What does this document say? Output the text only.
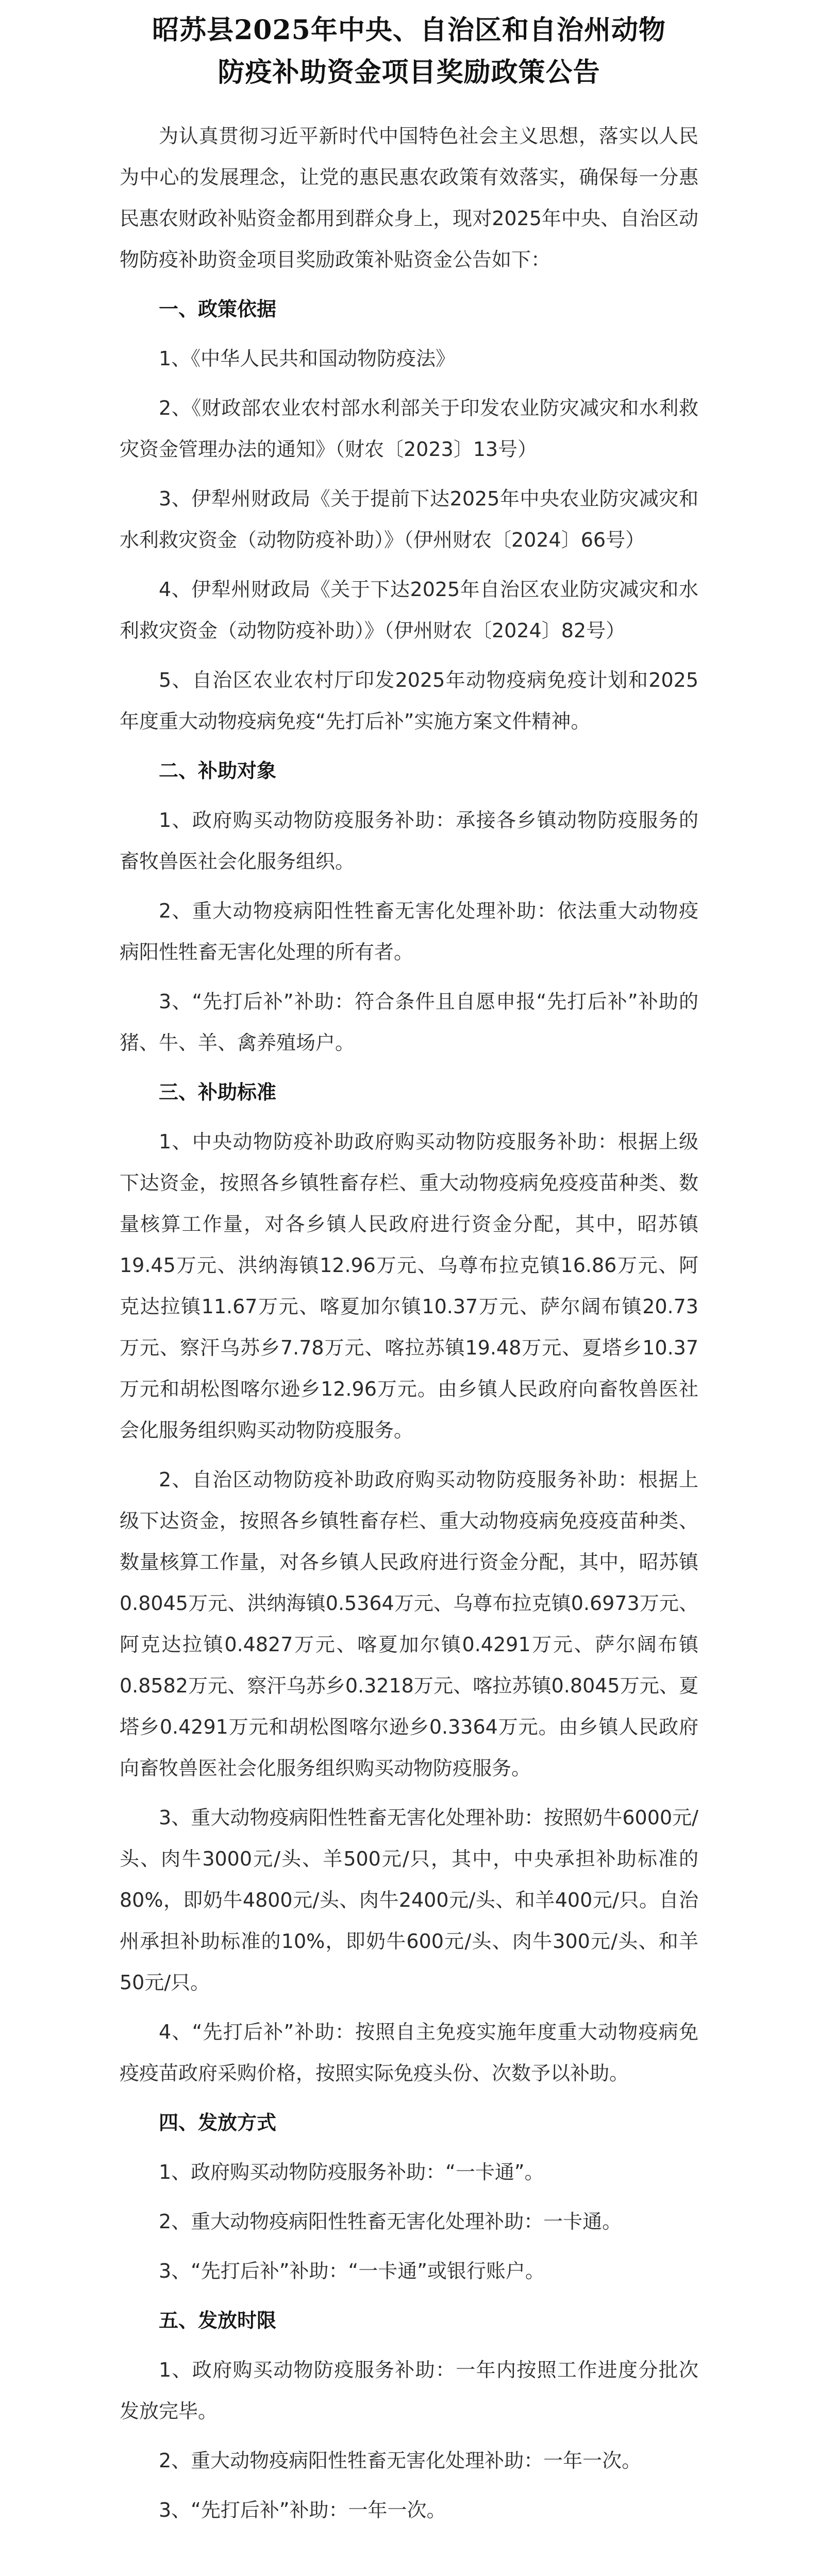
昭苏县2025年中央、自治区和自治州动物
防疫补助资金项目奖励政策公告

为认真贯彻习近平新时代中国特色社会主义思想，落实以人民为中心的发展理念，让党的惠民惠农政策有效落实，确保每一分惠民惠农财政补贴资金都用到群众身上，现对2025年中央、自治区动物防疫补助资金项目奖励政策补贴资金公告如下：

一、政策依据

1、《中华人民共和国动物防疫法》

2、《财政部农业农村部水利部关于印发农业防灾减灾和水利救灾资金管理办法的通知》（财农〔2023〕13号）

3、伊犁州财政局《关于提前下达2025年中央农业防灾减灾和水利救灾资金（动物防疫补助）》（伊州财农〔2024〕66号）

4、伊犁州财政局《关于下达2025年自治区农业防灾减灾和水利救灾资金（动物防疫补助）》（伊州财农〔2024〕82号）

5、自治区农业农村厅印发2025年动物疫病免疫计划和2025年度重大动物疫病免疫“先打后补”实施方案文件精神。

二、补助对象

1、政府购买动物防疫服务补助：承接各乡镇动物防疫服务的畜牧兽医社会化服务组织。

2、重大动物疫病阳性牲畜无害化处理补助：依法重大动物疫病阳性牲畜无害化处理的所有者。

3、“先打后补”补助：符合条件且自愿申报“先打后补”补助的猪、牛、羊、禽养殖场户。

三、补助标准

1、中央动物防疫补助政府购买动物防疫服务补助：根据上级下达资金，按照各乡镇牲畜存栏、重大动物疫病免疫疫苗种类、数量核算工作量，对各乡镇人民政府进行资金分配，其中，昭苏镇19.45万元、洪纳海镇12.96万元、乌尊布拉克镇16.86万元、阿克达拉镇11.67万元、喀夏加尔镇10.37万元、萨尔阔布镇20.73万元、察汗乌苏乡7.78万元、喀拉苏镇19.48万元、夏塔乡10.37万元和胡松图喀尔逊乡12.96万元。由乡镇人民政府向畜牧兽医社会化服务组织购买动物防疫服务。

2、自治区动物防疫补助政府购买动物防疫服务补助：根据上级下达资金，按照各乡镇牲畜存栏、重大动物疫病免疫疫苗种类、数量核算工作量，对各乡镇人民政府进行资金分配，其中，昭苏镇0.8045万元、洪纳海镇0.5364万元、乌尊布拉克镇0.6973万元、阿克达拉镇0.4827万元、喀夏加尔镇0.4291万元、萨尔阔布镇0.8582万元、察汗乌苏乡0.3218万元、喀拉苏镇0.8045万元、夏塔乡0.4291万元和胡松图喀尔逊乡0.3364万元。由乡镇人民政府向畜牧兽医社会化服务组织购买动物防疫服务。

3、重大动物疫病阳性牲畜无害化处理补助：按照奶牛6000元/头、肉牛3000元/头、羊500元/只，其中，中央承担补助标准的80%，即奶牛4800元/头、肉牛2400元/头、和羊400元/只。自治州承担补助标准的10%，即奶牛600元/头、肉牛300元/头、和羊50元/只。

4、“先打后补”补助：按照自主免疫实施年度重大动物疫病免疫疫苗政府采购价格，按照实际免疫头份、次数予以补助。

四、发放方式

1、政府购买动物防疫服务补助：“一卡通”。

2、重大动物疫病阳性牲畜无害化处理补助：一卡通。

3、“先打后补”补助：“一卡通”或银行账户。

五、发放时限

1、政府购买动物防疫服务补助：一年内按照工作进度分批次发放完毕。

2、重大动物疫病阳性牲畜无害化处理补助：一年一次。

3、“先打后补”补助：一年一次。
